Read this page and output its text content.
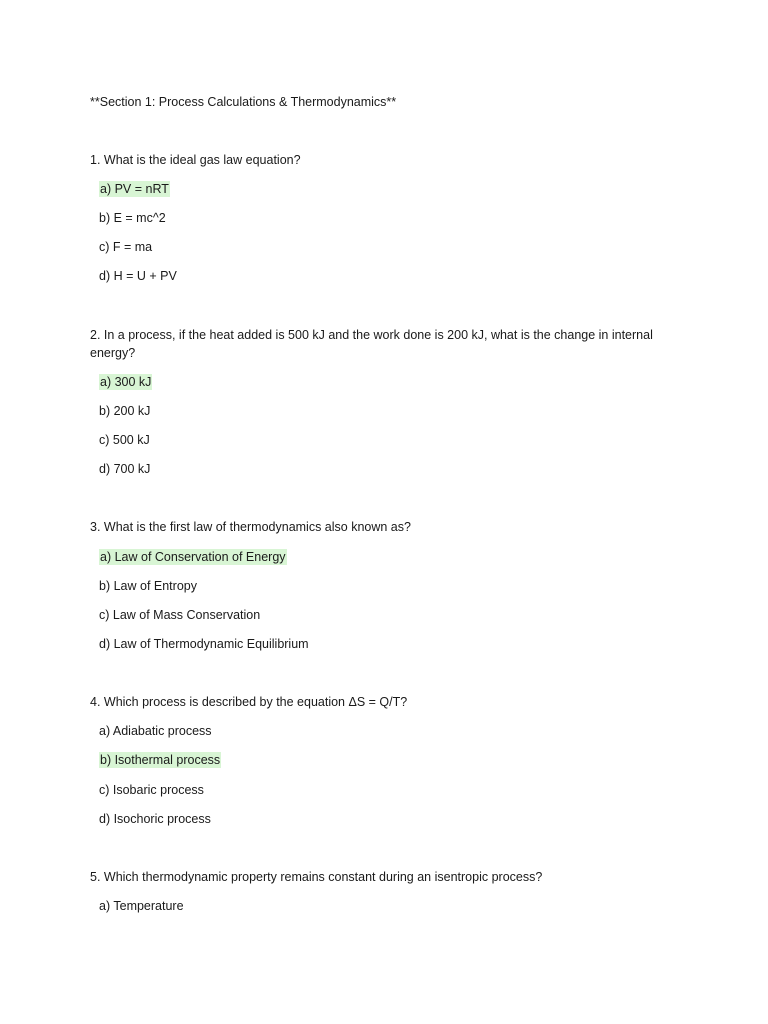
**Section 1: Process Calculations & Thermodynamics**
1. What is the ideal gas law equation?
a) PV = nRT
b) E = mc^2
c) F = ma
d) H = U + PV
2. In a process, if the heat added is 500 kJ and the work done is 200 kJ, what is the change in internal energy?
a) 300 kJ
b) 200 kJ
c) 500 kJ
d) 700 kJ
3. What is the first law of thermodynamics also known as?
a) Law of Conservation of Energy
b) Law of Entropy
c) Law of Mass Conservation
d) Law of Thermodynamic Equilibrium
4. Which process is described by the equation ΔS = Q/T?
a) Adiabatic process
b) Isothermal process
c) Isobaric process
d) Isochoric process
5. Which thermodynamic property remains constant during an isentropic process?
a) Temperature
